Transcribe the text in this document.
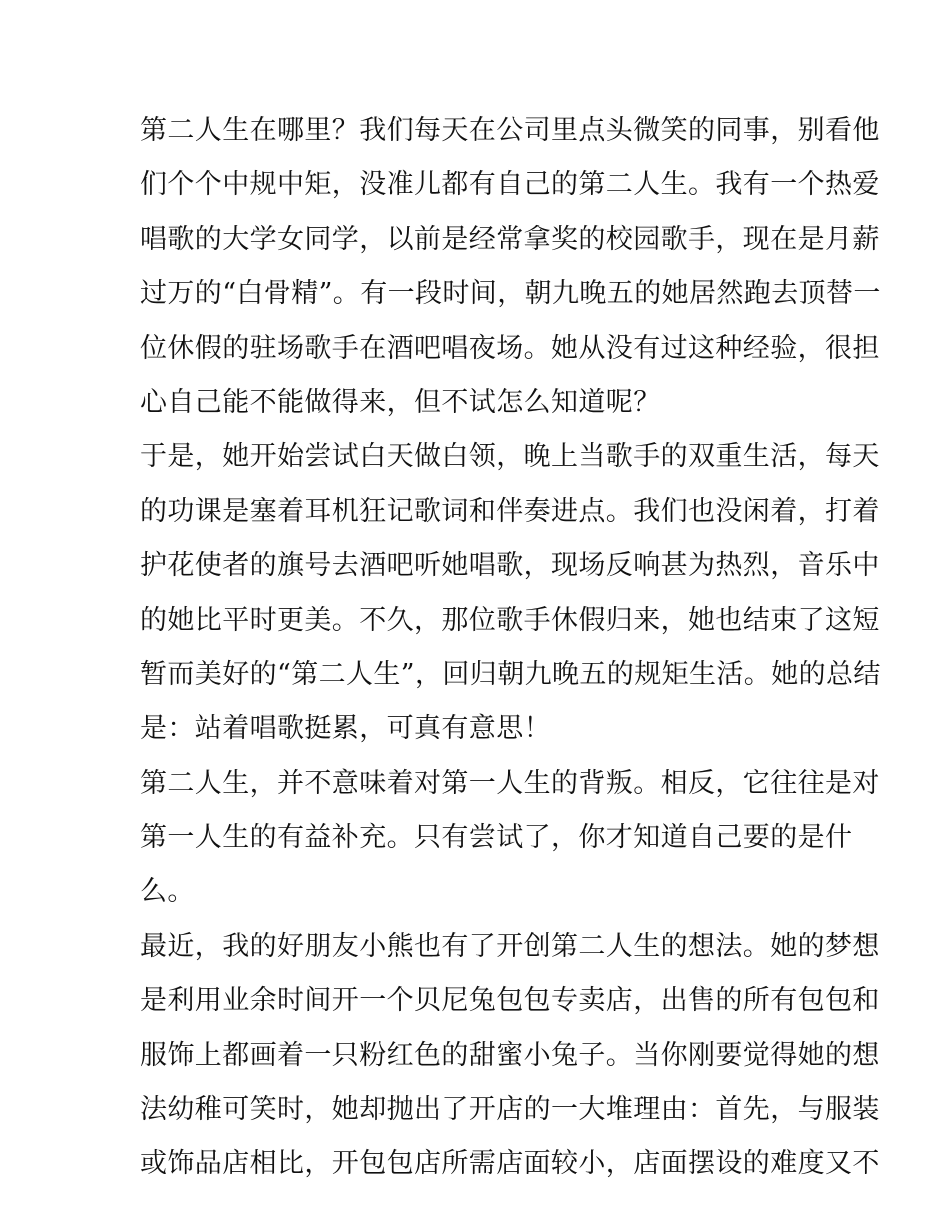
第二人生在哪里？我们每天在公司里点头微笑的同事，别看他
们个个中规中矩，没准儿都有自己的第二人生。我有一个热爱
唱歌的大学女同学，以前是经常拿奖的校园歌手，现在是月薪
过万的“白骨精”。有一段时间，朝九晚五的她居然跑去顶替一
位休假的驻场歌手在酒吧唱夜场。她从没有过这种经验，很担
心自己能不能做得来，但不试怎么知道呢？
于是，她开始尝试白天做白领，晚上当歌手的双重生活，每天
的功课是塞着耳机狂记歌词和伴奏进点。我们也没闲着，打着
护花使者的旗号去酒吧听她唱歌，现场反响甚为热烈，音乐中
的她比平时更美。不久，那位歌手休假归来，她也结束了这短
暂而美好的“第二人生”，回归朝九晚五的规矩生活。她的总结
是：站着唱歌挺累，可真有意思！
第二人生，并不意味着对第一人生的背叛。相反，它往往是对
第一人生的有益补充。只有尝试了，你才知道自己要的是什
么。
最近，我的好朋友小熊也有了开创第二人生的想法。她的梦想
是利用业余时间开一个贝尼兔包包专卖店，出售的所有包包和
服饰上都画着一只粉红色的甜蜜小兔子。当你刚要觉得她的想
法幼稚可笑时，她却抛出了开店的一大堆理由：首先，与服装
或饰品店相比，开包包店所需店面较小，店面摆设的难度又不
